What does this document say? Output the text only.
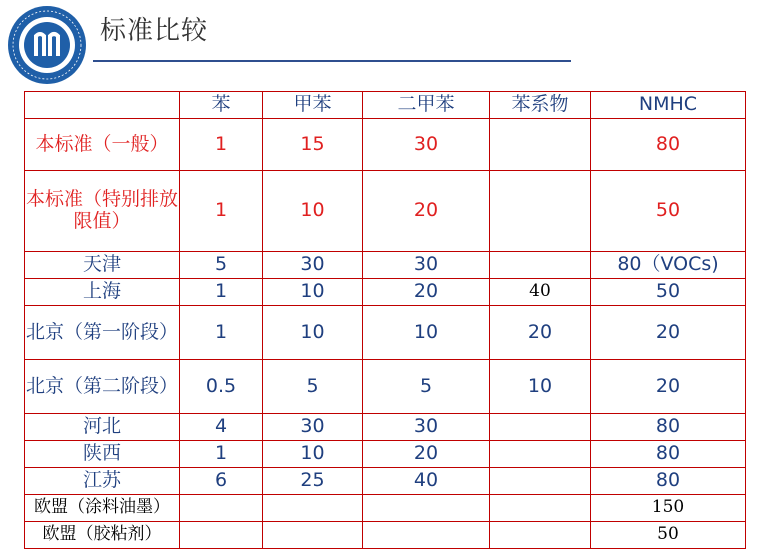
标准比较
	苯	甲苯	二甲苯	苯系物	NMHC
本标准（一般）	1	15	30		80
本标准（特别排放限值）	1	10	20		50
天津	5	30	30		80（VOCs)
上海	1	10	20	40	50
北京（第一阶段）	1	10	10	20	20
北京（第二阶段）	0.5	5	5	10	20
河北	4	30	30		80
陕西	1	10	20		80
江苏	6	25	40		80
欧盟（涂料油墨）					150
欧盟（胶粘剂）					50
